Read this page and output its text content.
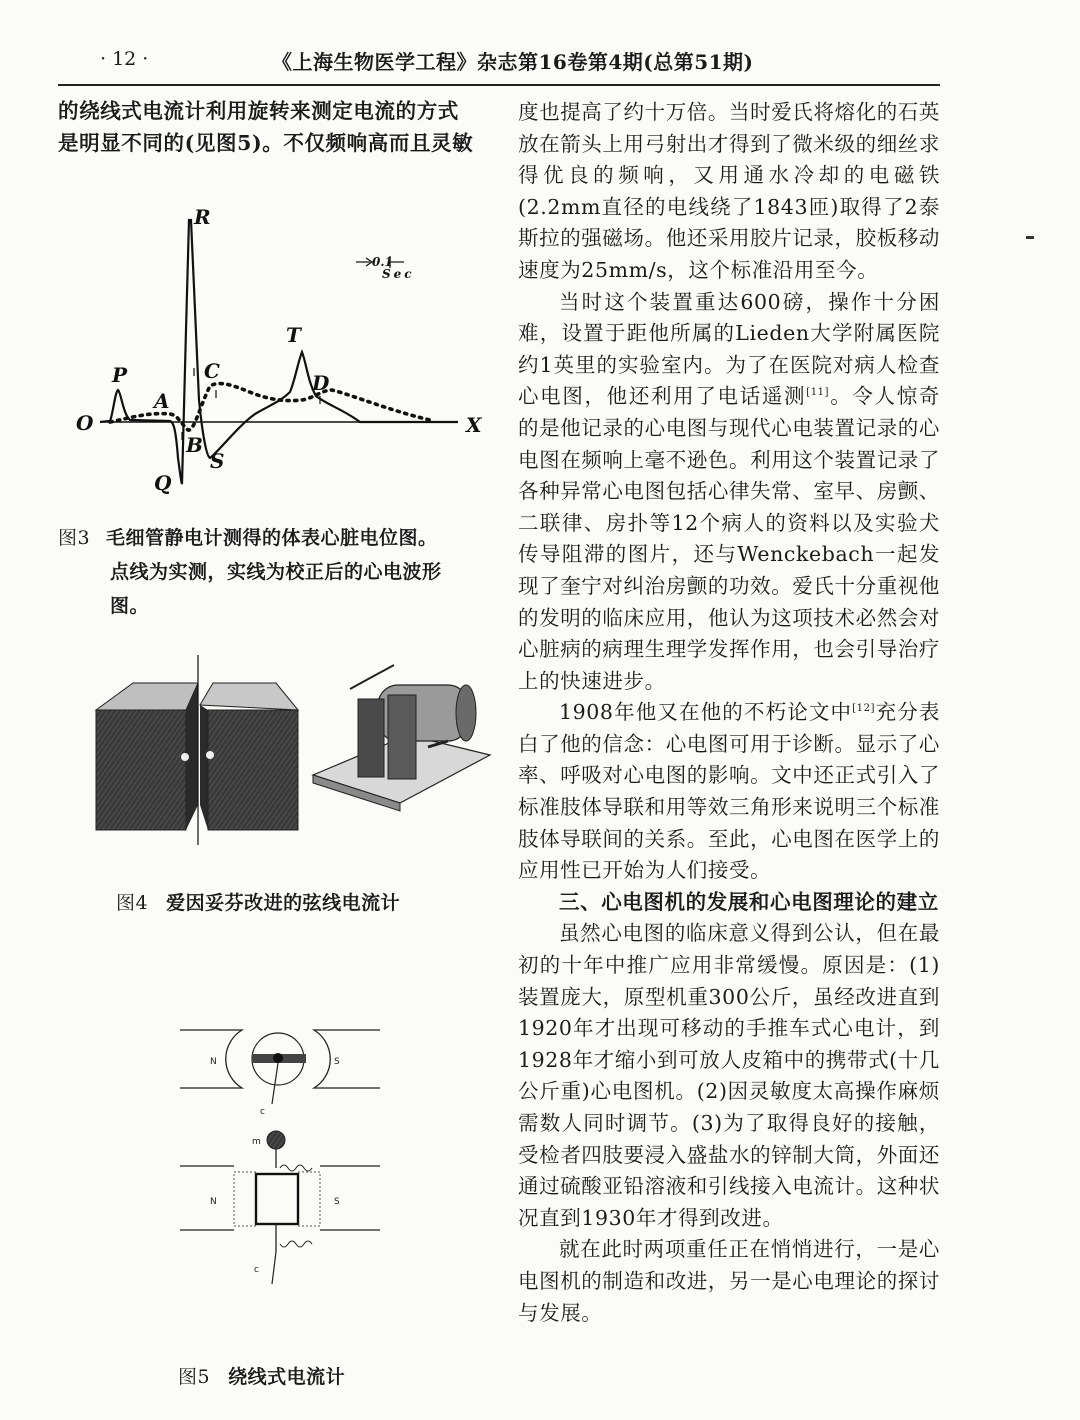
· 12 ·	《上海生物医学工程》杂志第16卷第4期(总第51期)
的绕线式电流计利用旋转来测定电流的方式
是明显不同的(见图5)。不仅频响高而且灵敏
R
P
A
C
T
D
O	X
B
S
Q
0.1
Sec
图3 毛细管静电计测得的体表心脏电位图。
点线为实测，实线为校正后的心电波形
图。
图4 爱因妥芬改进的弦线电流计
N	S
c
m
N	S
c
图5 绕线式电流计

度也提高了约十万倍。当时爱氏将熔化的石英放在箭头上用弓射出才得到了微米级的细丝求得优良的频响，又用通水冷却的电磁铁(2.2mm直径的电线绕了1843匝)取得了2泰斯拉的强磁场。他还采用胶片记录，胶板移动速度为25mm/s，这个标准沿用至今。

当时这个装置重达600磅，操作十分困难，设置于距他所属的Lieden大学附属医院约1英里的实验室内。为了在医院对病人检查心电图，他还利用了电话遥测[11]。令人惊奇的是他记录的心电图与现代心电装置记录的心电图在频响上毫不逊色。利用这个装置记录了各种异常心电图包括心律失常、室早、房颤、二联律、房扑等12个病人的资料以及实验犬传导阻滞的图片，还与Wenckebach一起发现了奎宁对纠治房颤的功效。爱氏十分重视他的发明的临床应用，他认为这项技术必然会对心脏病的病理生理学发挥作用，也会引导治疗上的快速进步。

1908年他又在他的不朽论文中[12]充分表白了他的信念：心电图可用于诊断。显示了心率、呼吸对心电图的影响。文中还正式引入了标准肢体导联和用等效三角形来说明三个标准肢体导联间的关系。至此，心电图在医学上的应用性已开始为人们接受。

三、心电图机的发展和心电图理论的建立

虽然心电图的临床意义得到公认，但在最初的十年中推广应用非常缓慢。原因是：(1)装置庞大，原型机重300公斤，虽经改进直到1920年才出现可移动的手推车式心电计，到1928年才缩小到可放人皮箱中的携带式(十几公斤重)心电图机。(2)因灵敏度太高操作麻烦需数人同时调节。(3)为了取得良好的接触，受检者四肢要浸入盛盐水的锌制大筒，外面还通过硫酸亚铅溶液和引线接入电流计。这种状况直到1930年才得到改进。

就在此时两项重任正在悄悄进行，一是心电图机的制造和改进，另一是心电理论的探讨与发展。
